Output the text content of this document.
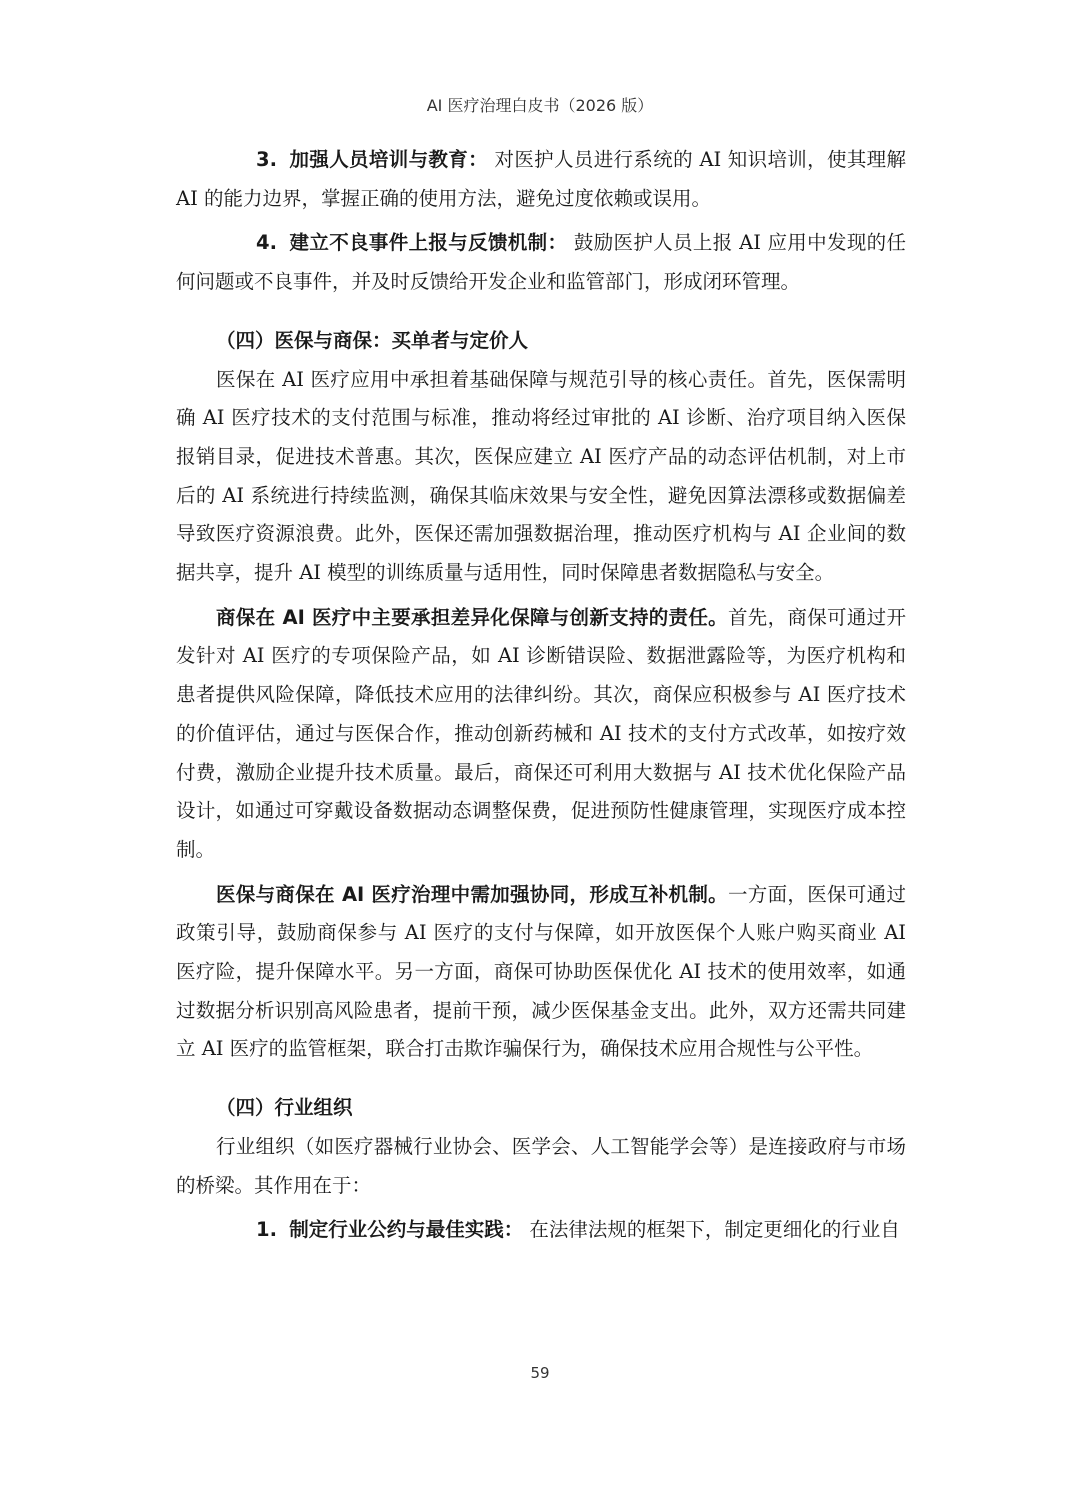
AI 医疗治理白皮书（2026 版）
3. 加强人员培训与教育： 对医护人员进行系统的 AI 知识培训，使其理解 AI 的能力边界，掌握正确的使用方法，避免过度依赖或误用。
4. 建立不良事件上报与反馈机制： 鼓励医护人员上报 AI 应用中发现的任何问题或不良事件，并及时反馈给开发企业和监管部门，形成闭环管理。
（四）医保与商保：买单者与定价人

医保在 AI 医疗应用中承担着基础保障与规范引导的核心责任。首先，医保需明确 AI 医疗技术的支付范围与标准，推动将经过审批的 AI 诊断、治疗项目纳入医保报销目录，促进技术普惠。其次，医保应建立 AI 医疗产品的动态评估机制，对上市后的 AI 系统进行持续监测，确保其临床效果与安全性，避免因算法漂移或数据偏差导致医疗资源浪费。此外，医保还需加强数据治理，推动医疗机构与 AI 企业间的数据共享，提升 AI 模型的训练质量与适用性，同时保障患者数据隐私与安全。

商保在 AI 医疗中主要承担差异化保障与创新支持的责任。首先，商保可通过开发针对 AI 医疗的专项保险产品，如 AI 诊断错误险、数据泄露险等，为医疗机构和患者提供风险保障，降低技术应用的法律纠纷。其次，商保应积极参与 AI 医疗技术的价值评估，通过与医保合作，推动创新药械和 AI 技术的支付方式改革，如按疗效付费，激励企业提升技术质量。最后，商保还可利用大数据与 AI 技术优化保险产品设计，如通过可穿戴设备数据动态调整保费，促进预防性健康管理，实现医疗成本控制。

医保与商保在 AI 医疗治理中需加强协同，形成互补机制。一方面，医保可通过政策引导，鼓励商保参与 AI 医疗的支付与保障，如开放医保个人账户购买商业 AI 医疗险，提升保障水平。另一方面，商保可协助医保优化 AI 技术的使用效率，如通过数据分析识别高风险患者，提前干预，减少医保基金支出。此外，双方还需共同建立 AI 医疗的监管框架，联合打击欺诈骗保行为，确保技术应用合规性与公平性。

（四）行业组织

行业组织（如医疗器械行业协会、医学会、人工智能学会等）是连接政府与市场的桥梁。其作用在于：

1. 制定行业公约与最佳实践： 在法律法规的框架下，制定更细化的行业自
59
